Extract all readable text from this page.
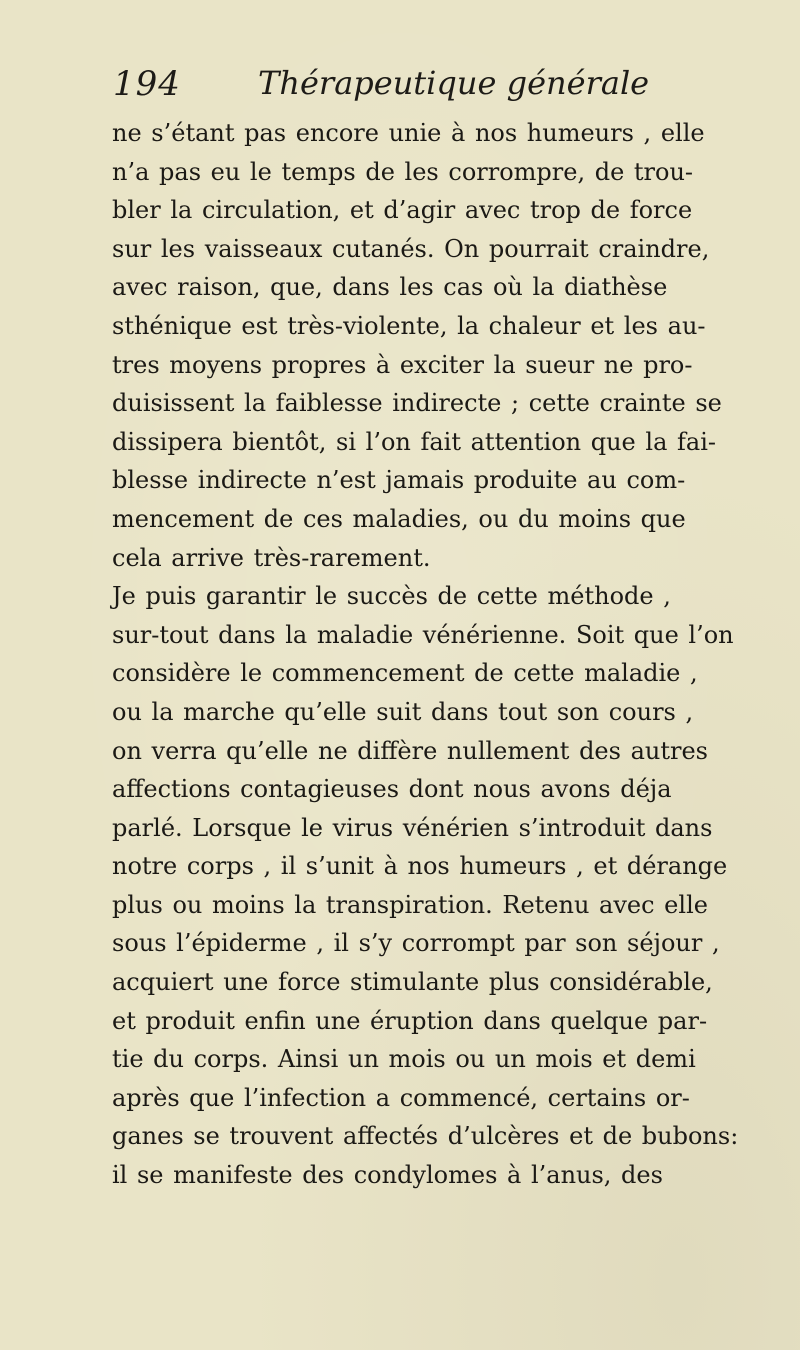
194 Thérapeutique générale
ne s’étant pas encore unie à nos humeurs , elle
n’a pas eu le temps de les corrompre, de trou-
bler la circulation, et d’agir avec trop de force
sur les vaisseaux cutanés. On pourrait craindre,
avec raison, que, dans les cas où la diathèse
sthénique est très-violente, la chaleur et les au-
tres moyens propres à exciter la sueur ne pro-
duisissent la faiblesse indirecte ; cette crainte se
dissipera bientôt, si l’on fait attention que la fai-
blesse indirecte n’est jamais produite au com-
mencement de ces maladies, ou du moins que
cela arrive très-rarement.
Je puis garantir le succès de cette méthode ,
sur-tout dans la maladie vénérienne. Soit que l’on
considère le commencement de cette maladie ,
ou la marche qu’elle suit dans tout son cours ,
on verra qu’elle ne diffère nullement des autres
affections contagieuses dont nous avons déja
parlé. Lorsque le virus vénérien s’introduit dans
notre corps , il s’unit à nos humeurs , et dérange
plus ou moins la transpiration. Retenu avec elle
sous l’épiderme , il s’y corrompt par son séjour ,
acquiert une force stimulante plus considérable,
et produit enfin une éruption dans quelque par-
tie du corps. Ainsi un mois ou un mois et demi
après que l’infection a commencé, certains or-
ganes se trouvent affectés d’ulcères et de bubons:
il se manifeste des condylomes à l’anus, des
